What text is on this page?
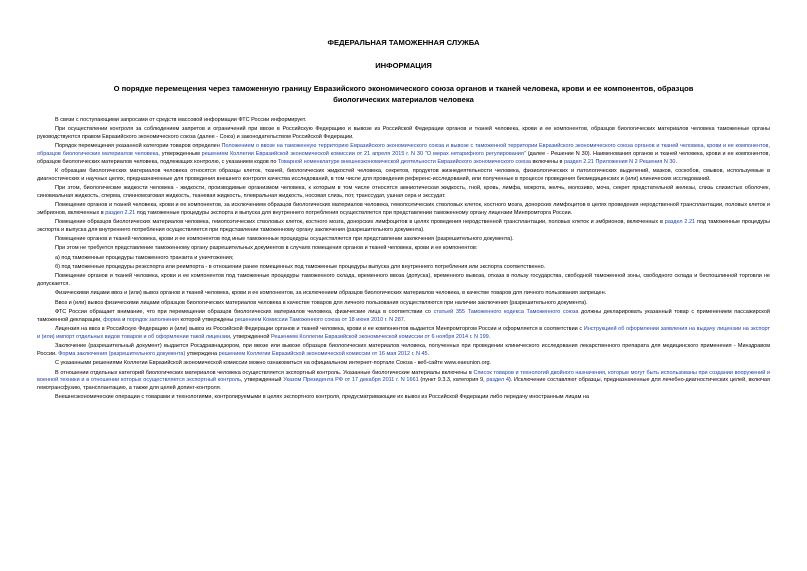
ФЕДЕРАЛЬНАЯ ТАМОЖЕННАЯ СЛУЖБА
ИНФОРМАЦИЯ
О порядке перемещения через таможенную границу Евразийского экономического союза органов и тканей человека, крови и ее компонентов, образцов
биологических материалов человека

В связи с поступающими запросами от средств массовой информации ФТС России информирует.

При осуществлении контроля за соблюдением запретов и ограничений при ввозе в Российскую Федерацию и вывозе из Российской Федерации органов и тканей человека, крови и ее компонентов, образцов биологических материалов человека таможенные органы руководствуются правом Евразийского экономического союза (далее - Союз) и законодательством Российской Федерации.

Порядок перемещения указанной категории товаров определен Положением о ввозе на таможенную территорию Евразийского экономического союза и вывозе с таможенной территории Евразийского экономического союза органов и тканей человека, крови и ее компонентов, образцов биологических материалов человека, утвержденным решением Коллегии Евразийской экономической комиссии от 21 апреля 2015 г. N 30 "О мерах нетарифного регулирования" (далее - Решение N 30). Наименования органов и тканей человека, крови и ее компонентов, образцов биологических материалов человека, подлежащих контролю, с указанием кодов по Товарной номенклатуре внешнеэкономической деятельности Евразийского экономического союза включены в раздел 2.21 Приложения N 2 Решения N 30.

К образцам биологических материалов человека относятся образцы клеток, тканей, биологических жидкостей человека, секретов, продуктов жизнедеятельности человека, физиологических и патологических выделений, мазков, соскобов, смывов, используемые в диагностических и научных целях, предназначенные для проведения внешнего контроля качества исследований, в том числе для проведения референс-исследований, или полученные в процессе проведения биомедицинских и (или) клинических исследований.

При этом, биологические жидкости человека - жидкости, производимые организмом человека, к которым в том числе относятся амниотическая жидкость, гной, кровь, лимфа, мокрота, желчь, молозиво, моча, секрет предстательной железы, слизь слизистых оболочек, синовиальная жидкость, сперма, спинномозговая жидкость, тканевая жидкость, плевральная жидкость, носовая слизь, пот, транссудат, ушная сера и экссудат.

Помещение органов и тканей человека, крови и ее компонентов, за исключением образцов биологических материалов человека, гемопоэтических стволовых клеток, костного мозга, донорских лимфоцитов в целях проведения неродственной трансплантации, половых клеток и эмбрионов, включенных в раздел 2.21 под таможенные процедуры экспорта и выпуска для внутреннего потребления осуществляется при представлении таможенному органу лицензии Минпромторга России.

Помещение образцов биологических материалов человека, гемопоэтических стволовых клеток, костного мозга, донорских лимфоцитов в целях проведения неродственной трансплантации, половых клеток и эмбрионов, включенных в раздел 2.21 под таможенные процедуры экспорта и выпуска для внутреннего потребления осуществляется при представлении таможенному органу заключения (разрешительного документа).

Помещение органов и тканей человека, крови и ее компонентов под иные таможенные процедуры осуществляется при представлении заключения (разрешительного документа).

При этом не требуется представление таможенному органу разрешительных документов в случаях помещения органов и тканей человека, крови и ее компонентов:

а) под таможенные процедуры таможенного транзита и уничтожения;

б) под таможенные процедуры реэкспорта или реимпорта - в отношении ранее помещенных под таможенные процедуры выпуска для внутреннего потребления или экспорта соответственно.

Помещение органов и тканей человека, крови и ее компонентов под таможенные процедуры таможенного склада, временного ввоза (допуска), временного вывоза, отказа в пользу государства, свободной таможенной зоны, свободного склада и беспошлинной торговли не допускается.

Физическими лицами ввоз и (или) вывоз органов и тканей человека, крови и ее компонентов, за исключением образцов биологических материалов человека, в качестве товаров для личного пользования запрещен.

Ввоз и (или) вывоз физическими лицами образцов биологических материалов человека в качестве товаров для личного пользования осуществляются при наличии заключения (разрешительного документа).

ФТС России обращает внимание, что при перемещении образцов биологических материалов человека, физические лица в соответствии со статьей 355 Таможенного кодекса Таможенного союза должны декларировать указанный товар с применением пассажирской таможенной декларации, форма и порядок заполнения которой утверждены решением Комиссии Таможенного союза от 18 июня 2010 г. N 287.

Лицензия на ввоз в Российскую Федерацию и (или) вывоз из Российской Федерации органов и тканей человека, крови и ее компонентов выдается Минпромторгом России и оформляется в соответствии с Инструкцией об оформлении заявления на выдачу лицензии на экспорт и (или) импорт отдельных видов товаров и об оформлении такой лицензии, утвержденной Решением Коллегии Евразийской экономической комиссии от 6 ноября 2014 г. N 199.

Заключение (разрешительный документ) выдается Росздравнадзором, при ввозе или вывозе образцов биологических материалов человека, полученных при проведении клинического исследования лекарственного препарата для медицинского применения - Минздравом России. Форма заключения (разрешительного документа) утверждена решением Коллегии Евразийской экономической комиссии от 16 мая 2012 г. N 45.

С указанными решениями Коллегии Евразийской экономической комиссии можно ознакомиться на официальном интернет-портале Союза - веб-сайте www.eaeunion.org.

В отношении отдельных категорий биологических материалов человека осуществляется экспортный контроль. Указанные биологические материалы включены в Список товаров и технологий двойного назначения, которые могут быть использованы при создании вооружений и военной техники и в отношении которых осуществляется экспортный контроль, утвержденный Указом Президента РФ от 17 декабря 2011 г. N 1661 (пункт 9.3.3, категория 9, раздел 4). Исключение составляют образцы, предназначенные для лечебно-диагностических целей, включая гемотрансфузию, трансплантацию, а также для целей допинг-контроля.

Внешнеэкономические операции с товарами и технологиями, контролируемыми в целях экспортного контроля, предусматривающие их вывоз из Российской Федерации либо передачу иностранным лицам на
